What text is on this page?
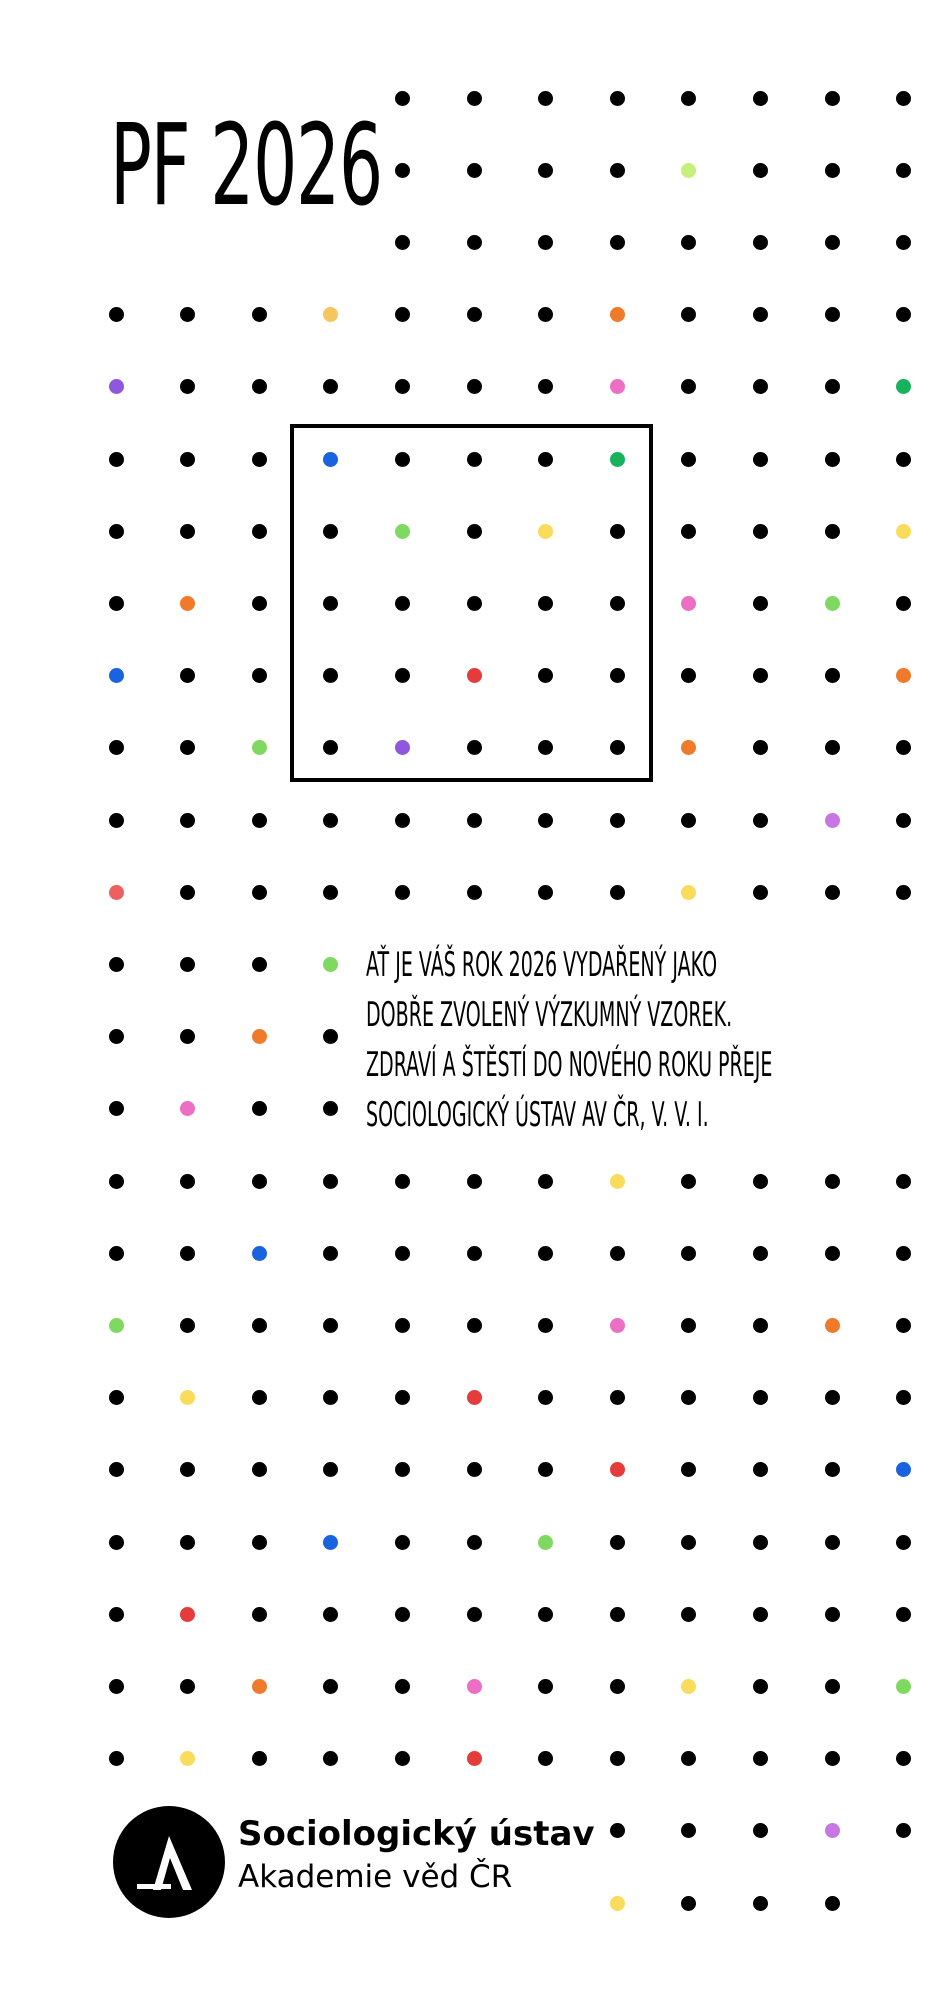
PF 2026
AŤ JE VÁŠ ROK 2026 VYDAŘENÝ JAKO
DOBŘE ZVOLENÝ VÝZKUMNÝ VZOREK.
ZDRAVÍ A ŠTĚSTÍ DO NOVÉHO ROKU PŘEJE
SOCIOLOGICKÝ ÚSTAV AV ČR, V. V. I.
Sociologický ústav
Akademie věd ČR
